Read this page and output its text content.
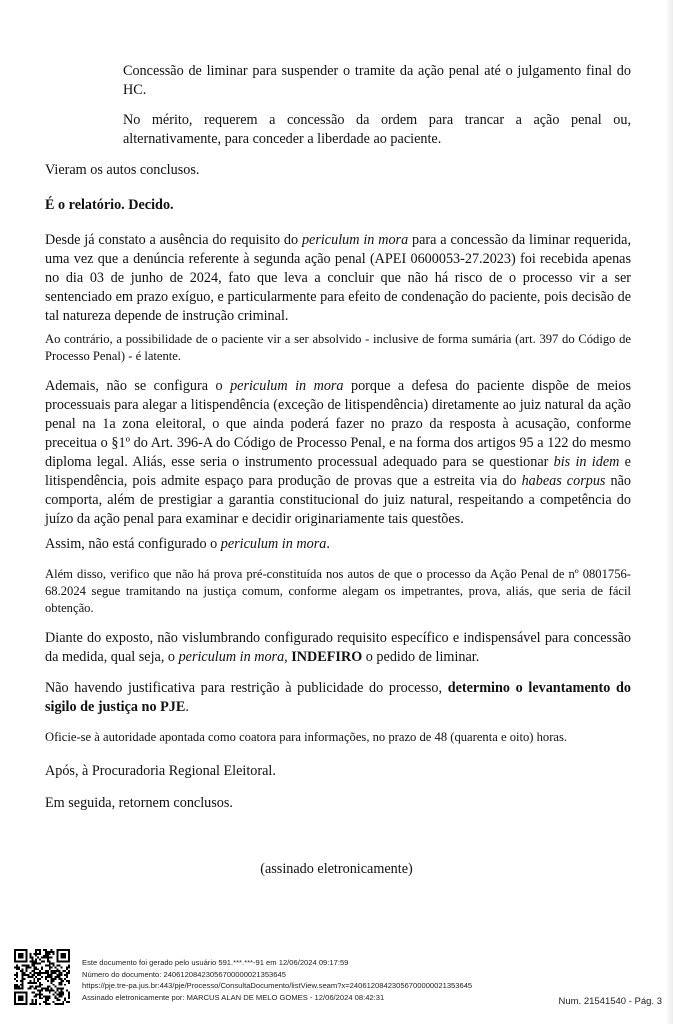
Concessão de liminar para suspender o tramite da ação penal até o julgamento final do HC.

No mérito, requerem a concessão da ordem para trancar a ação penal ou, alternativamente, para conceder a liberdade ao paciente.

Vieram os autos conclusos.

É o relatório. Decido.

Desde já constato a ausência do requisito do periculum in mora para a concessão da liminar requerida, uma vez que a denúncia referente à segunda ação penal (APEI 0600053-27.2023) foi recebida apenas no dia 03 de junho de 2024, fato que leva a concluir que não há risco de o processo vir a ser sentenciado em prazo exíguo, e particularmente para efeito de condenação do paciente, pois decisão de tal natureza depende de instrução criminal.

Ao contrário, a possibilidade de o paciente vir a ser absolvido - inclusive de forma sumária (art. 397 do Código de Processo Penal) - é latente.

Ademais, não se configura o periculum in mora porque a defesa do paciente dispõe de meios processuais para alegar a litispendência (exceção de litispendência) diretamente ao juiz natural da ação penal na 1a zona eleitoral, o que ainda poderá fazer no prazo da resposta à acusação, conforme preceitua o §1º do Art. 396-A do Código de Processo Penal, e na forma dos artigos 95 a 122 do mesmo diploma legal. Aliás, esse seria o instrumento processual adequado para se questionar bis in idem e litispendência, pois admite espaço para produção de provas que a estreita via do habeas corpus não comporta, além de prestigiar a garantia constitucional do juiz natural, respeitando a competência do juízo da ação penal para examinar e decidir originariamente tais questões.

Assim, não está configurado o periculum in mora.

Além disso, verifico que não há prova pré-constituída nos autos de que o processo da Ação Penal de nº 0801756-68.2024 segue tramitando na justiça comum, conforme alegam os impetrantes, prova, aliás, que seria de fácil obtenção.

Diante do exposto, não vislumbrando configurado requisito específico e indispensável para concessão da medida, qual seja, o periculum in mora, INDEFIRO o pedido de liminar.

Não havendo justificativa para restrição à publicidade do processo, determino o levantamento do sigilo de justiça no PJE.

Oficie-se à autoridade apontada como coatora para informações, no prazo de 48 (quarenta e oito) horas.

Após, à Procuradoria Regional Eleitoral.

Em seguida, retornem conclusos.

(assinado eletronicamente)
Este documento foi gerado pelo usuário 591.***.***-91 em 12/06/2024 09:17:59
Número do documento: 24061208423056700000021353645
https://pje.tre-pa.jus.br:443/pje/Processo/ConsultaDocumento/listView.seam?x=24061208423056700000021353645
Assinado eletronicamente por: MARCUS ALAN DE MELO GOMES - 12/06/2024 08:42:31	Num. 21541540 - Pág. 3
